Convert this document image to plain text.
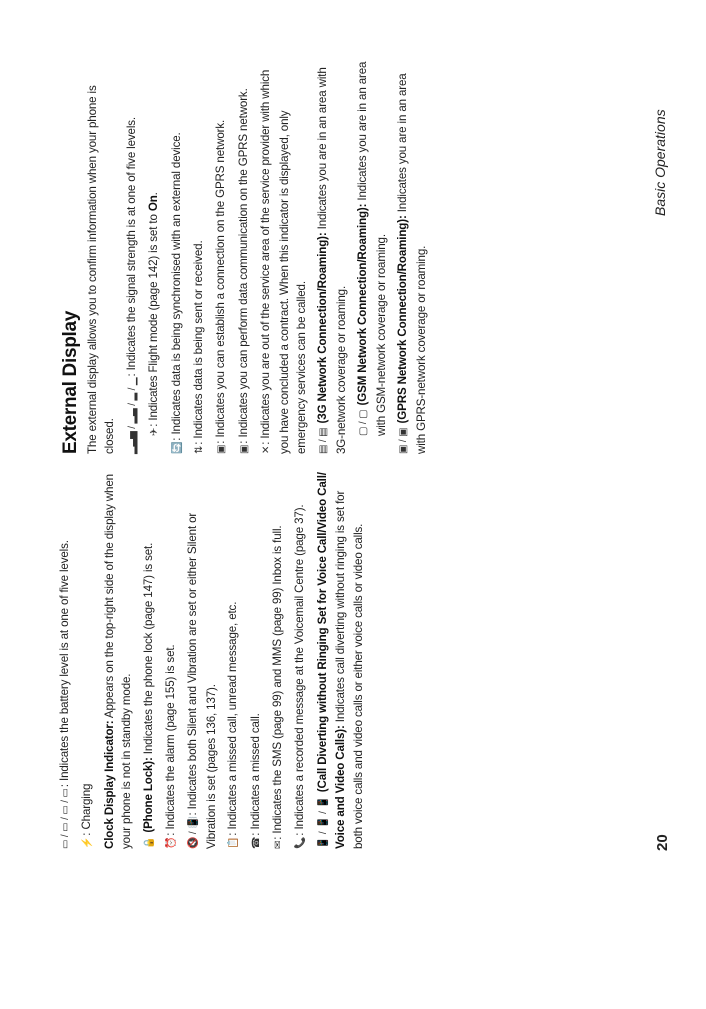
▭ / ▭ / ▭ / ▭: Indicates the battery level is at one of five levels.

⚡: Charging Clock Display Indicator: Appears on the top-right side of the display when your phone is not in standby mode.	🔒 (Phone Lock): Indicates the phone lock (page 147) is set.

⏰: Indicates the alarm (page 155) is set.	🔇 / 📳: Indicates both Silent and Vibration are set or either Silent or Vibration is set (pages 136, 137).	📋: Indicates a missed call, unread message, etc.

☎: Indicates a missed call.

✉: Indicates the SMS (page 99) and MMS (page 99) Inbox is full.

📞: Indicates a recorded message at the Voicemail Centre (page 37).	📱 / 📱 / 📱 (Call Diverting without Ringing Set for Voice Call/Video Call/ Voice and Video Calls): Indicates call diverting without ringing is set for both voice calls and video calls or either voice calls or video calls.

External Display The external display allows you to confirm information when your phone is closed.	▂▃▅ / ▂▃ / ▂ / ▁: Indicates the signal strength is at one of five levels.

✈: Indicates Flight mode (page 142) is set to On.

🔄: Indicates data is being synchronised with an external device.

⇅: Indicates data is being sent or received.

▣: Indicates you can establish a connection on the GPRS network.

▣: Indicates you can perform data communication on the GPRS network.

✕: Indicates you are out of the service area of the service provider with which you have concluded a contract. When this indicator is displayed, only emergency services can be called.	▤ / ▤ (3G Network Connection/Roaming): Indicates you are in an area with 3G-network coverage or roaming.	▢ / ▢ (GSM Network Connection/Roaming): Indicates you are in an area with GSM-network coverage or roaming.

▣ / ▣ (GPRS Network Connection/Roaming): Indicates you are in an area with GPRS-network coverage or roaming.

20
Basic Operations
